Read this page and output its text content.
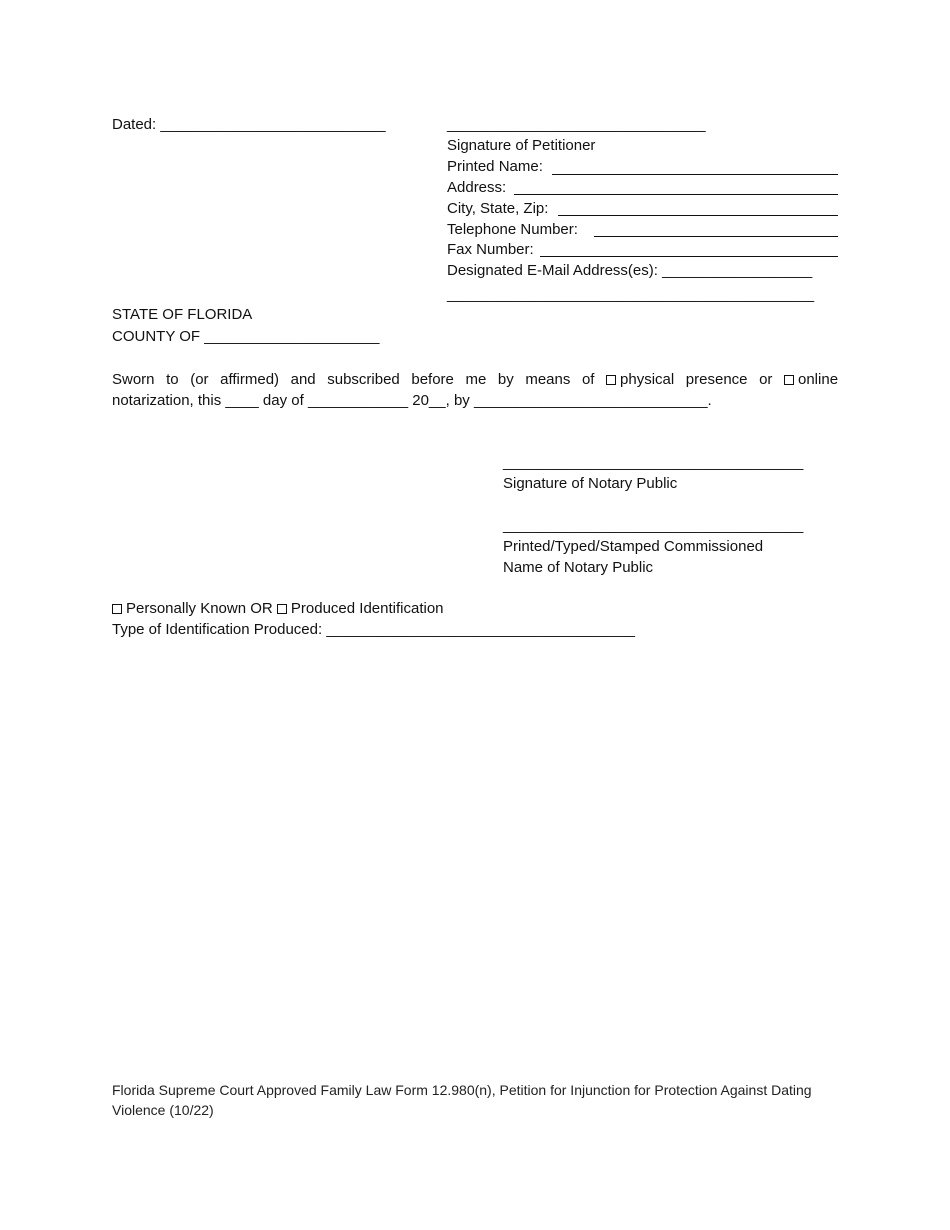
Dated: ___________________________	_______________________________
Signature of Petitioner
Printed Name:
Address:
City, State, Zip:
Telephone Number:
Fax Number:
Designated E-Mail Address(es): __________________
____________________________________________
STATE OF FLORIDA
COUNTY OF _____________________
Sworn to (or affirmed) and subscribed before me by means of physical presence or online
notarization, this ____ day of ____________ 20__, by ____________________________.
____________________________________
Signature of Notary Public
____________________________________
Printed/Typed/Stamped Commissioned
Name of Notary Public
Personally Known OR Produced Identification
Type of Identification Produced: _____________________________________
Florida Supreme Court Approved Family Law Form 12.980(n), Petition for Injunction for Protection Against Dating Violence (10/22)
